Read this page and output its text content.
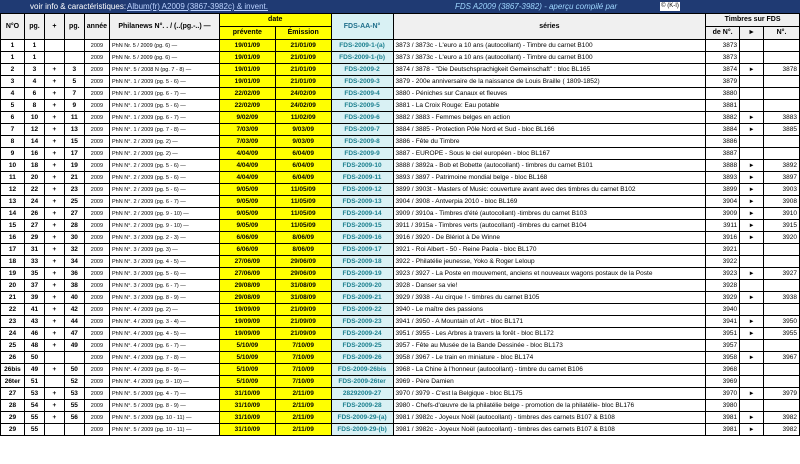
voir info & caractéristiques: Album(fr) A2009 (3867-3982c) & invent.	FDS A2009 (3867-3982) - aperçu compilé par	© (K-I)
N°O	pg.	+	pg.	année	Philanews N°. . / (..(pg.-..) —	date		FDS-AA-N°	séries	Timbres sur FDS		
						prévente	Émission			de N°.	►	N°.
1	1			2009	PhN Nr. 5 / 2009 (pg. 6) —	19/01/09	21/01/09	FDS-2009-1-(a)	3873 / 3873c - L'euro a 10 ans (autocollant) - Timbre du carnet B100	3873		
1	1			2009	PhN Nr. 5 / 2009 (pg. 6) —	19/01/09	21/01/09	FDS-2009-1-(b)	3873 / 3873c - L'euro a 10 ans (autocollant) - Timbre du carnet B100	3873		
2	3	+	3	2009	PhN N°. 5 / 2008 N (pg. 7 - 8) —	19/01/09	21/01/09	FDS-2009-2	3874 / 3878 - "Die Deutschsprachigkeit Gemeinschaft" : bloc BL165	3874	►	3878
3	4	+	5	2009	PhN N°. 1 / 2009 (pg. 5 - 6) —	19/01/09	21/01/09	FDS-2009-3	3879 - 200e anniversaire de la naissance de Louis Braille ( 1809-1852)	3879		
4	6	+	7	2009	PhN N°. 1 / 2009 (pg. 6 - 7) —	22/02/09	24/02/09	FDS-2009-4	3880 - Péniches sur Canaux et fleuves	3880		
5	8	+	9	2009	PhN N°. 1 / 2009 (pg. 5 - 6) —	22/02/09	24/02/09	FDS-2009-5	3881 - La Croix Rouge: Eau potable	3881		
6	10	+	11	2009	PhN N°. 1 / 2009 (pg. 6 - 7) —	9/02/09	11/02/09	FDS-2009-6	3882 / 3883 - Femmes belges en action	3882	►	3883
7	12	+	13	2009	PhN N°. 1 / 2009 (pg. 7 - 8) —	7/03/09	9/03/09	FDS-2009-7	3884 / 3885 - Protection Pôle Nord et Sud - bloc BL166	3884	►	3885
8	14	+	15	2009	PhN N°. 2 / 2009 (pg. 2) —	7/03/09	9/03/09	FDS-2009-8	3886 - Fête du Timbre	3886		
9	16	+	17	2009	PhN N°. 2 / 2009 (pg. 2) —	4/04/09	6/04/09	FDS-2009-9	3887 - EUROPE - Sous le ciel européen - bloc BL167	3887		
10	18	+	19	2009	PhN N°. 2 / 2009 (pg. 5 - 6) —	4/04/09	6/04/09	FDS-2009-10	3888 / 3892a - Bob et Bobette (autocollant) - timbres du carnet B101	3888	►	3892
11	20	+	21	2009	PhN N°. 2 / 2009 (pg. 5 - 6) —	4/04/09	6/04/09	FDS-2009-11	3893 / 3897 - Patrimoine mondial belge - bloc BL168	3893	►	3897
12	22	+	23	2009	PhN N°. 2 / 2009 (pg. 5 - 6) —	9/05/09	11/05/09	FDS-2009-12	3899 / 3903t - Masters of Music: couverture avant avec des timbres du carnet B102	3899	►	3903
13	24	+	25	2009	PhN N°. 2 / 2009 (pg. 6 - 7) —	9/05/09	11/05/09	FDS-2009-13	3904 / 3908 - Antverpia 2010 - bloc BL169	3904	►	3908
14	26	+	27	2009	PhN N°. 2 / 2009 (pg. 9 - 10) —	9/05/09	11/05/09	FDS-2009-14	3909 / 3910a - Timbres d'été (autocollant) -timbres du carnet B103	3909	►	3910
15	27	+	28	2009	PhN N°. 2 / 2009 (pg. 9 - 10) —	9/05/09	11/05/09	FDS-2009-15	3911 / 3915a - Timbres verts (autocollant) -timbres du carnet B104	3911	►	3915
16	29	+	30	2009	PhN N°. 3 / 2009 (pg. 2 - 3) —	6/06/09	8/06/09	FDS-2009-16	3916 / 3920 - De Blériot à De Winne	3916	►	3920
17	31	+	32	2009	PhN N°. 3 / 2009 (pg. 3) —	6/06/09	8/06/09	FDS-2009-17	3921 - Roi Albert - 50 - Reine Paola - bloc BL170	3921		
18	33	+	34	2009	PhN N°. 3 / 2009 (pg. 4 - 5) —	27/06/09	29/06/09	FDS-2009-18	3922 - Philatélie jeunesse, Yoko & Roger Leloup	3922		
19	35	+	36	2009	PhN N°. 3 / 2009 (pg. 5 - 6) —	27/06/09	29/06/09	FDS-2009-19	3923 / 3927 - La Poste en mouvement, anciens et nouveaux wagons postaux de la Poste	3923	►	3927
20	37	+	38	2009	PhN N°. 3 / 2009 (pg. 6 - 7) —	29/08/09	31/08/09	FDS-2009-20	3928 - Danser sa vie!	3928		
21	39	+	40	2009	PhN N°. 3 / 2009 (pg. 8 - 9) —	29/08/09	31/08/09	FDS-2009-21	3929 / 3938 - Au cirque ! - timbres du carnet B105	3929	►	3938
22	41	+	42	2009	PhN N°. 4 / 2009 (pg. 2) —	19/09/09	21/09/09	FDS-2009-22	3940 - Le maître des passions	3940		
23	43	+	44	2009	PhN N°. 4 / 2009 (pg. 3 - 4) —	19/09/09	21/09/09	FDS-2009-23	3941 / 3950 - A Mountain of Art - bloc BL171	3941	►	3950
24	46	+	47	2009	PhN N°. 4 / 2009 (pg. 4 - 5) —	19/09/09	21/09/09	FDS-2009-24	3951 / 3955 - Les Arbres à travers la forêt - bloc BL172	3951	►	3955
25	48	+	49	2009	PhN N°. 4 / 2009 (pg. 6 - 7) —	5/10/09	7/10/09	FDS-2009-25	3957 - Fête au Musée de la Bande Dessinée - bloc BL173	3957		
26	50			2009	PhN N°. 4 / 2009 (pg. 7 - 8) —	5/10/09	7/10/09	FDS-2009-26	3958 / 3967 - Le train en miniature - bloc BL174	3958	►	3967
26bis	49	+	50	2009	PhN N°. 4 / 2009 (pg. 8 - 9) —	5/10/09	7/10/09	FDS-2009-26bis	3968 - La Chine à l'honneur (autocollant) - timbre du carnet B106	3968		
26ter	51		52	2009	PhN N°. 4 / 2009 (pg. 9 - 10) —	5/10/09	7/10/09	FDS-2009-26ter	3969 - Père Damien	3969		
27	53	+	53	2009	PhN N°. 5 / 2009 (pg. 4 - 7) —	31/10/09	2/11/09	28292009-27	3970 / 3979 - C'est la Belgique - bloc BL175	3970	►	3979
28	54	+	55	2009	PhN N°. 5 / 2009 (pg. 8 - 9) —	31/10/09	2/11/09	FDS-2009-28	3980 - Chefs-d'œuvre de la philatélie belge - promotion de la philatélie- bloc BL176	3980		
29	55	+	56	2009	PhN N°. 5 / 2009 (pg. 10 - 11) —	31/10/09	2/11/09	FDS-2009-29-(a)	3981 / 3982c - Joyeux Noël (autocollant) - timbres des carnets B107 & B108	3981	►	3982
29	55			2009	PhN N°. 5 / 2009 (pg. 10 - 11) —	31/10/09	2/11/09	FDS-2009-29-(b)	3981 / 3982c - Joyeux Noël (autocollant) - timbres des carnets B107 & B108	3981	►	3982
